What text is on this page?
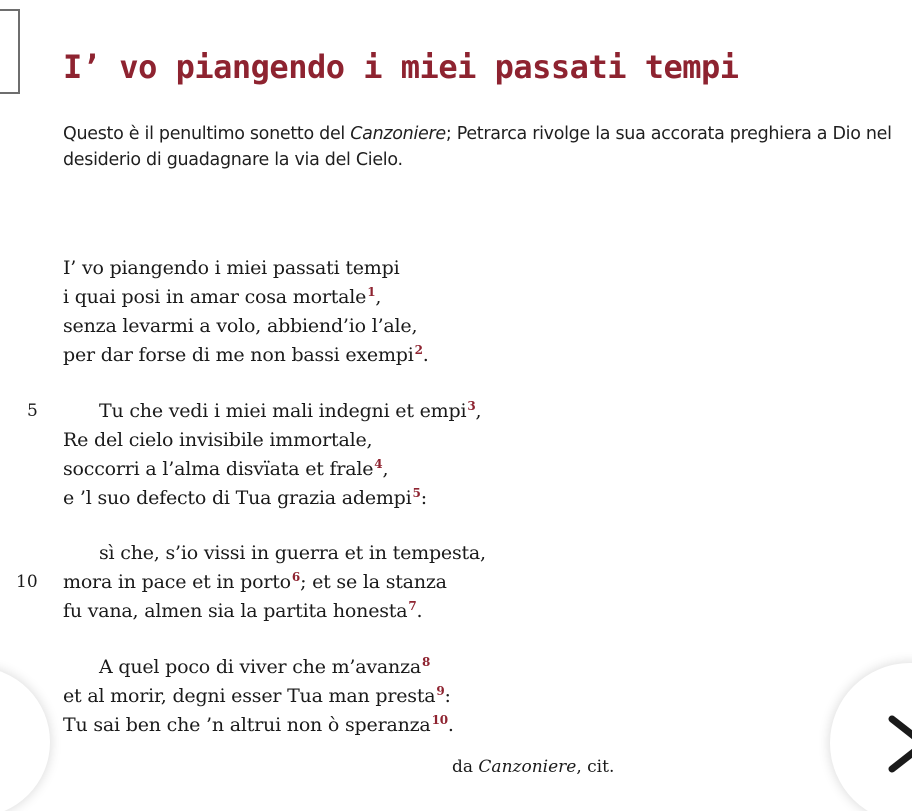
I’ vo piangendo i miei passati tempi

Questo è il penultimo sonetto del Canzoniere; Petrarca rivolge la sua accorata preghiera a Dio nel desiderio di guadagnare la via del Cielo.

I’ vo piangendo i miei passati tempi
i quai posi in amar cosa mortale$^1$,
senza levarmi a volo, abbiend’io l’ale,
per dar forse di me non bassi exempi$^2$.
5	Tu che vedi i miei mali indegni et empi$^3$,
Re del cielo invisibile immortale,
soccorri a l’alma disvïata et frale$^4$,
e ’l suo defecto di Tua grazia adempi$^5$:
sì che, s’io vissi in guerra et in tempesta,
10 mora in pace et in porto$^6$; et se la stanza
fu vana, almen sia la partita honesta$^7$.
A quel poco di viver che m’avanza$^8$
et al morir, degni esser Tua man presta$^9$:
Tu sai ben che ’n altrui non ò speranza$^{10}$.
da Canzoniere, cit.
